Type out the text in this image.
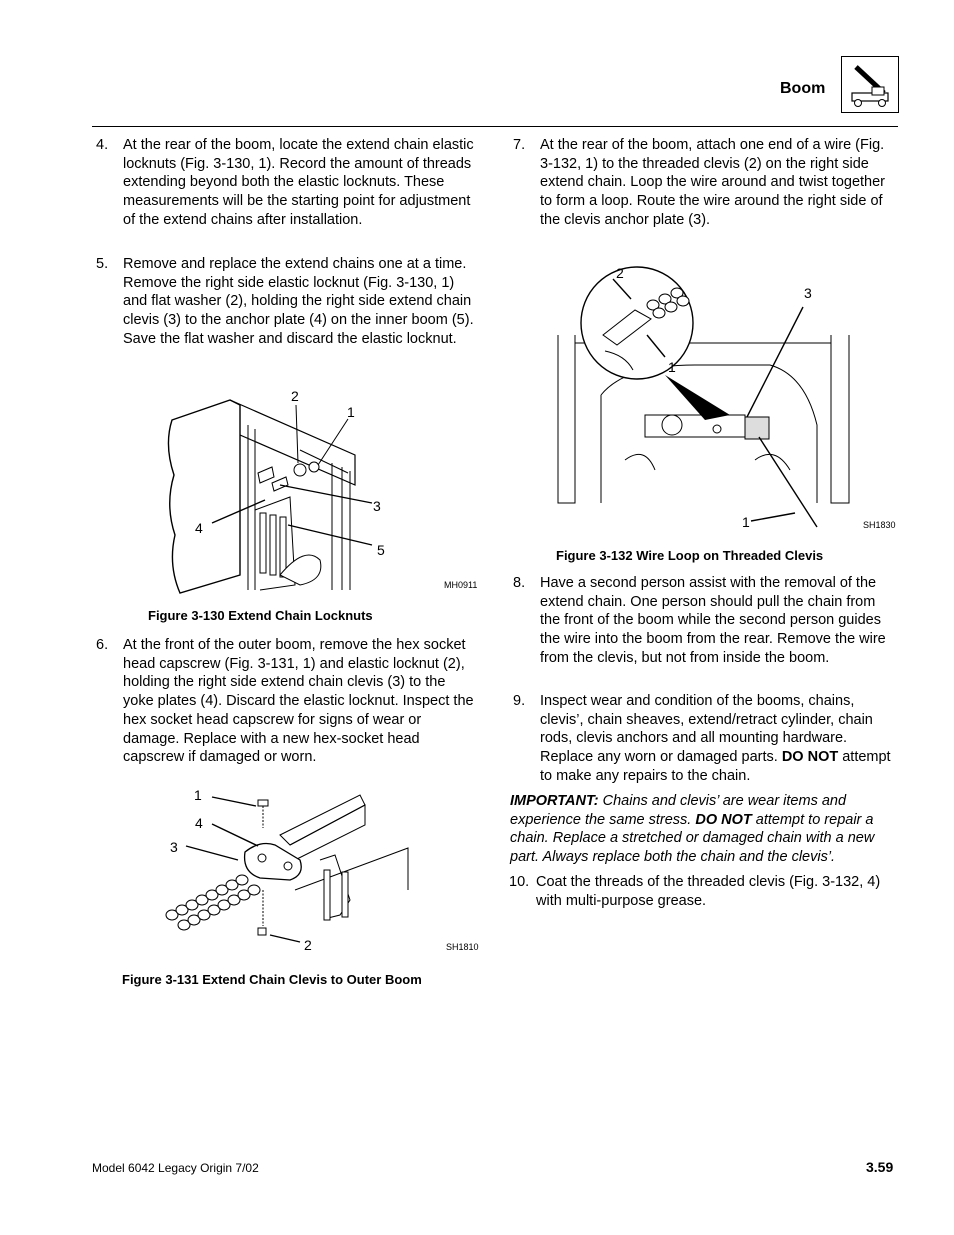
Boom
4. At the rear of the boom, locate the extend chain elastic locknuts (Fig. 3-130, 1). Record the amount of threads extending beyond both the elastic locknuts. These measurements will be the starting point for adjustment of the extend chains after installation.
5. Remove and replace the extend chains one at a time. Remove the right side elastic locknut (Fig. 3-130, 1) and flat washer (2), holding the right side extend chain clevis (3) to the anchor plate (4) on the inner boom (5). Save the flat washer and discard the elastic locknut.
2
1
3
4
5
MH0911
Figure 3-130 Extend Chain Locknuts
6. At the front of the outer boom, remove the hex socket head capscrew (Fig. 3-131, 1) and elastic locknut (2), holding the right side extend chain clevis (3) to the yoke plates (4). Discard the elastic locknut. Inspect the hex socket head capscrew for signs of wear or damage. Replace with a new hex-socket head capscrew if damaged or worn.
1
4
3
2	SH1810
Figure 3-131 Extend Chain Clevis to Outer Boom
7. At the rear of the boom, attach one end of a wire (Fig. 3-132, 1) to the threaded clevis (2) on the right side extend chain. Loop the wire around and twist together to form a loop. Route the wire around the right side of the clevis anchor plate (3).
2
3
1
1	SH1830
Figure 3-132 Wire Loop on Threaded Clevis
8. Have a second person assist with the removal of the extend chain. One person should pull the chain from the front of the boom while the second person guides the wire into the boom from the rear. Remove the wire from the clevis, but not from inside the boom.
9. Inspect wear and condition of the booms, chains, clevis’, chain sheaves, extend/retract cylinder, chain rods, clevis anchors and all mounting hardware. Replace any worn or damaged parts. DO NOT attempt to make any repairs to the chain.
IMPORTANT: Chains and clevis’ are wear items and experience the same stress. DO NOT attempt to repair a chain. Replace a stretched or damaged chain with a new part. Always replace both the chain and the clevis’.
10. Coat the threads of the threaded clevis (Fig. 3-132, 4) with multi-purpose grease.
Model 6042 Legacy Origin 7/02	3.59
